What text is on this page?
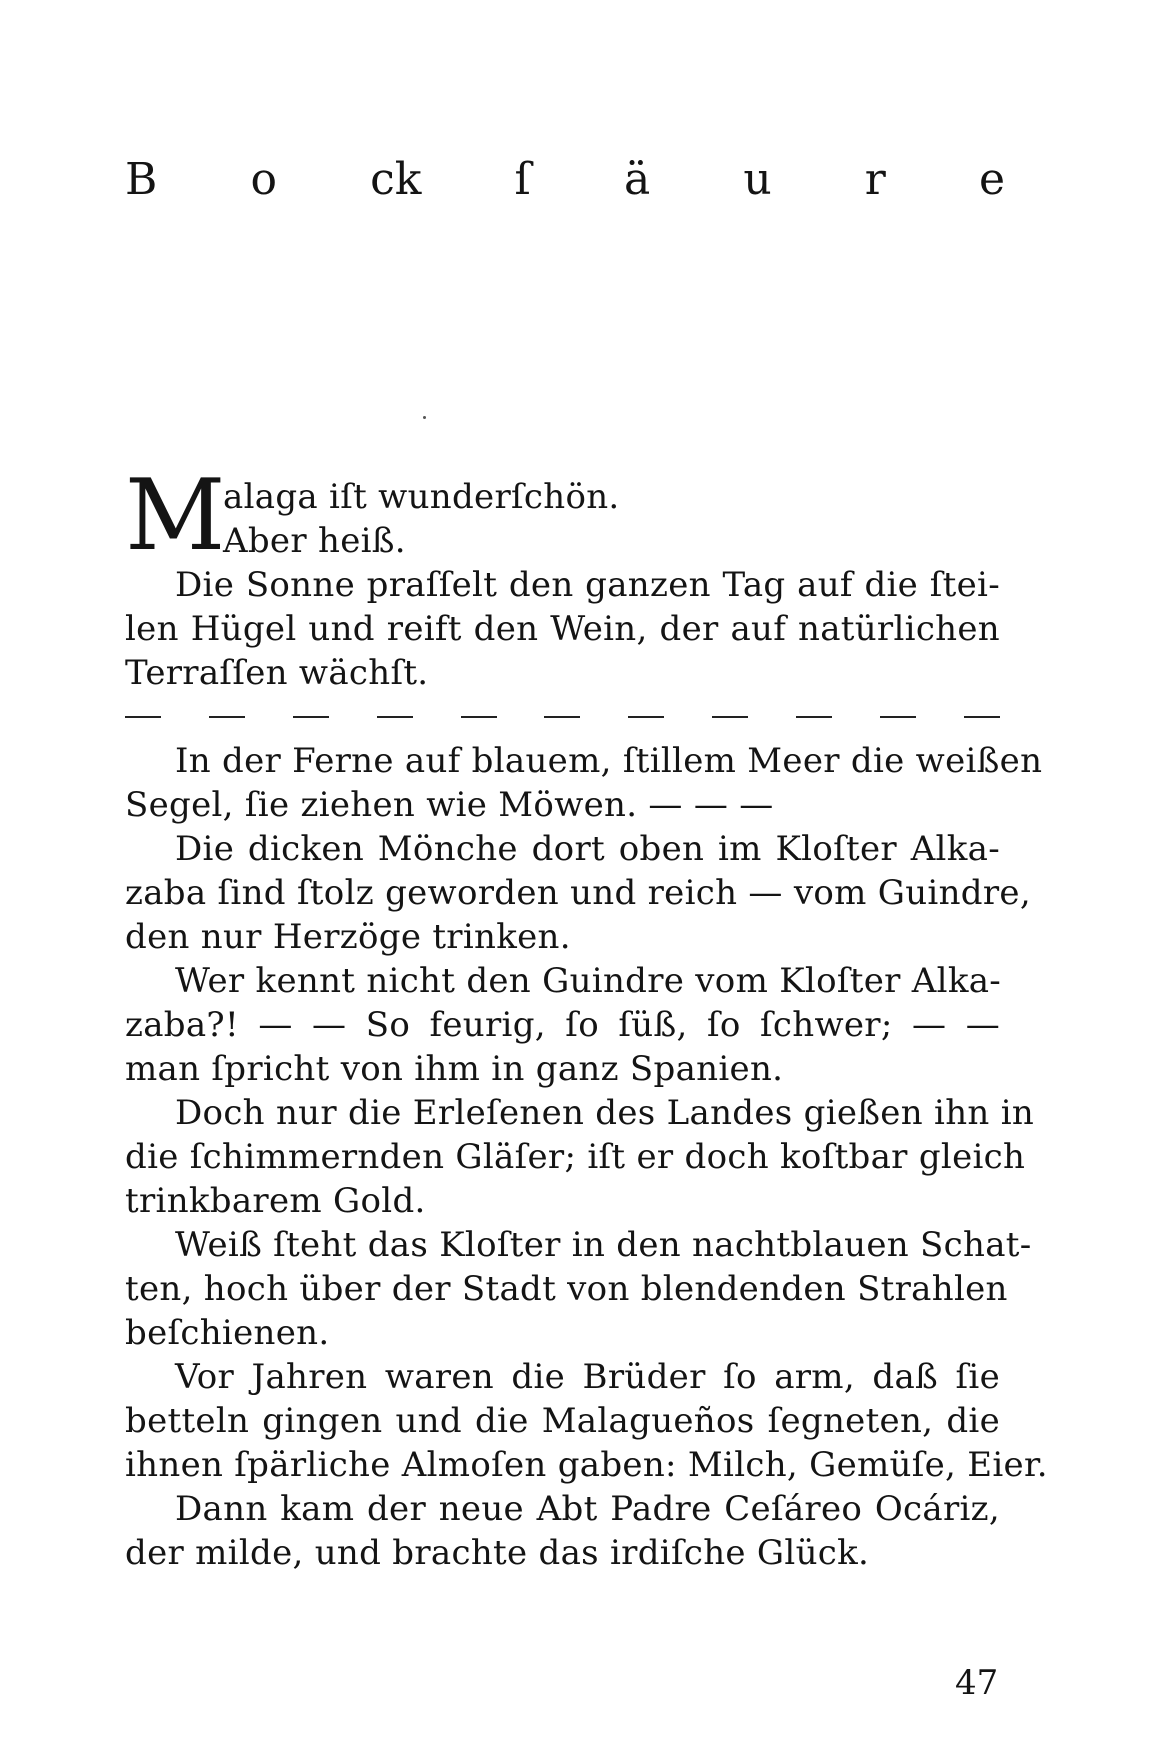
B o ck ſ ä u r e
M
alaga iſt wunderſchön.
Aber heiß.
Die Sonne praſſelt den ganzen Tag auf die ſtei-
len Hügel und reift den Wein, der auf natürlichen
Terraſſen wächſt.
In der Ferne auf blauem, ſtillem Meer die weißen
Segel, ſie ziehen wie Möwen. — — —
Die dicken Mönche dort oben im Kloſter Alka-
zaba ſind ſtolz geworden und reich — vom Guindre,
den nur Herzöge trinken.
Wer kennt nicht den Guindre vom Kloſter Alka-
zaba?! — — So feurig, ſo ſüß, ſo ſchwer; — —
man ſpricht von ihm in ganz Spanien.
Doch nur die Erleſenen des Landes gießen ihn in
die ſchimmernden Gläſer; iſt er doch koſtbar gleich
trinkbarem Gold.
Weiß ſteht das Kloſter in den nachtblauen Schat-
ten, hoch über der Stadt von blendenden Strahlen
beſchienen.
Vor Jahren waren die Brüder ſo arm, daß ſie
betteln gingen und die Malagueños ſegneten, die
ihnen ſpärliche Almoſen gaben: Milch, Gemüſe, Eier.
Dann kam der neue Abt Padre Ceſáreo Ocáriz,
der milde, und brachte das irdiſche Glück.
47
